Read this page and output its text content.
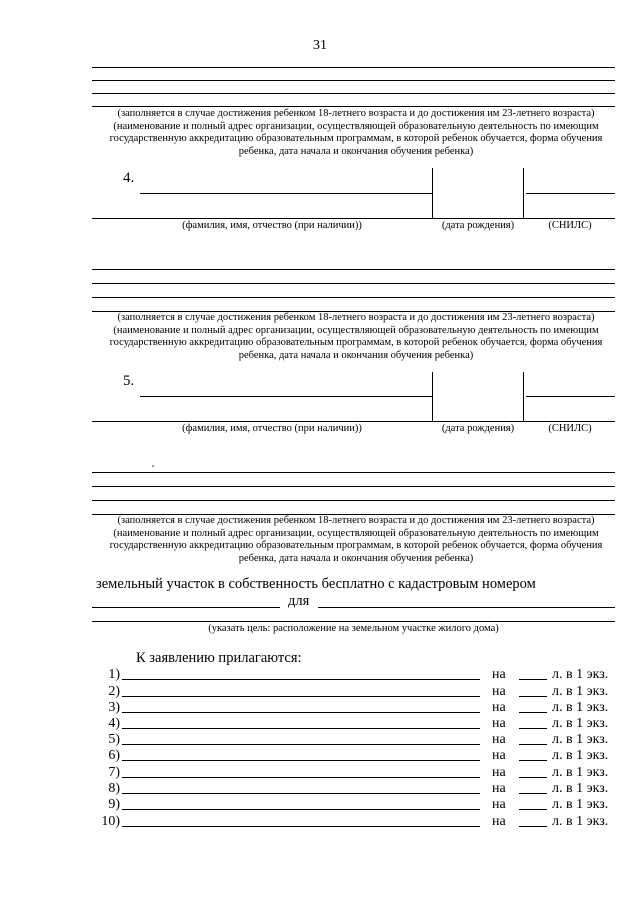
31
(заполняется в случае достижения ребенком 18-летнего возраста и до достижения им 23-летнего возраста) (наименование и полный адрес организации, осуществляющей образовательную деятельность по имеющим государственную аккредитацию образовательным программам, в которой ребенок обучается, форма обучения ребенка, дата начала и окончания обучения ребенка)
4.
(фамилия, имя, отчество (при наличии))	(дата рождения)	(СНИЛС)
(заполняется в случае достижения ребенком 18-летнего возраста и до достижения им 23-летнего возраста) (наименование и полный адрес организации, осуществляющей образовательную деятельность по имеющим государственную аккредитацию образовательным программам, в которой ребенок обучается, форма обучения ребенка, дата начала и окончания обучения ребенка)
5.
(фамилия, имя, отчество (при наличии))	(дата рождения)	(СНИЛС)
(заполняется в случае достижения ребенком 18-летнего возраста и до достижения им 23-летнего возраста) (наименование и полный адрес организации, осуществляющей образовательную деятельность по имеющим государственную аккредитацию образовательным программам, в которой ребенок обучается, форма обучения ребенка, дата начала и окончания обучения ребенка)
земельный участок в собственность бесплатно с кадастровым номером
для
(указать цель: расположение на земельном участке жилого дома)
К заявлению прилагаются:
1)	на	л. в 1 экз.
2)	на	л. в 1 экз.
3)	на	л. в 1 экз.
4)	на	л. в 1 экз.
5)	на	л. в 1 экз.
6)	на	л. в 1 экз.
7)	на	л. в 1 экз.
8)	на	л. в 1 экз.
9)	на	л. в 1 экз.
10)	на	л. в 1 экз.
